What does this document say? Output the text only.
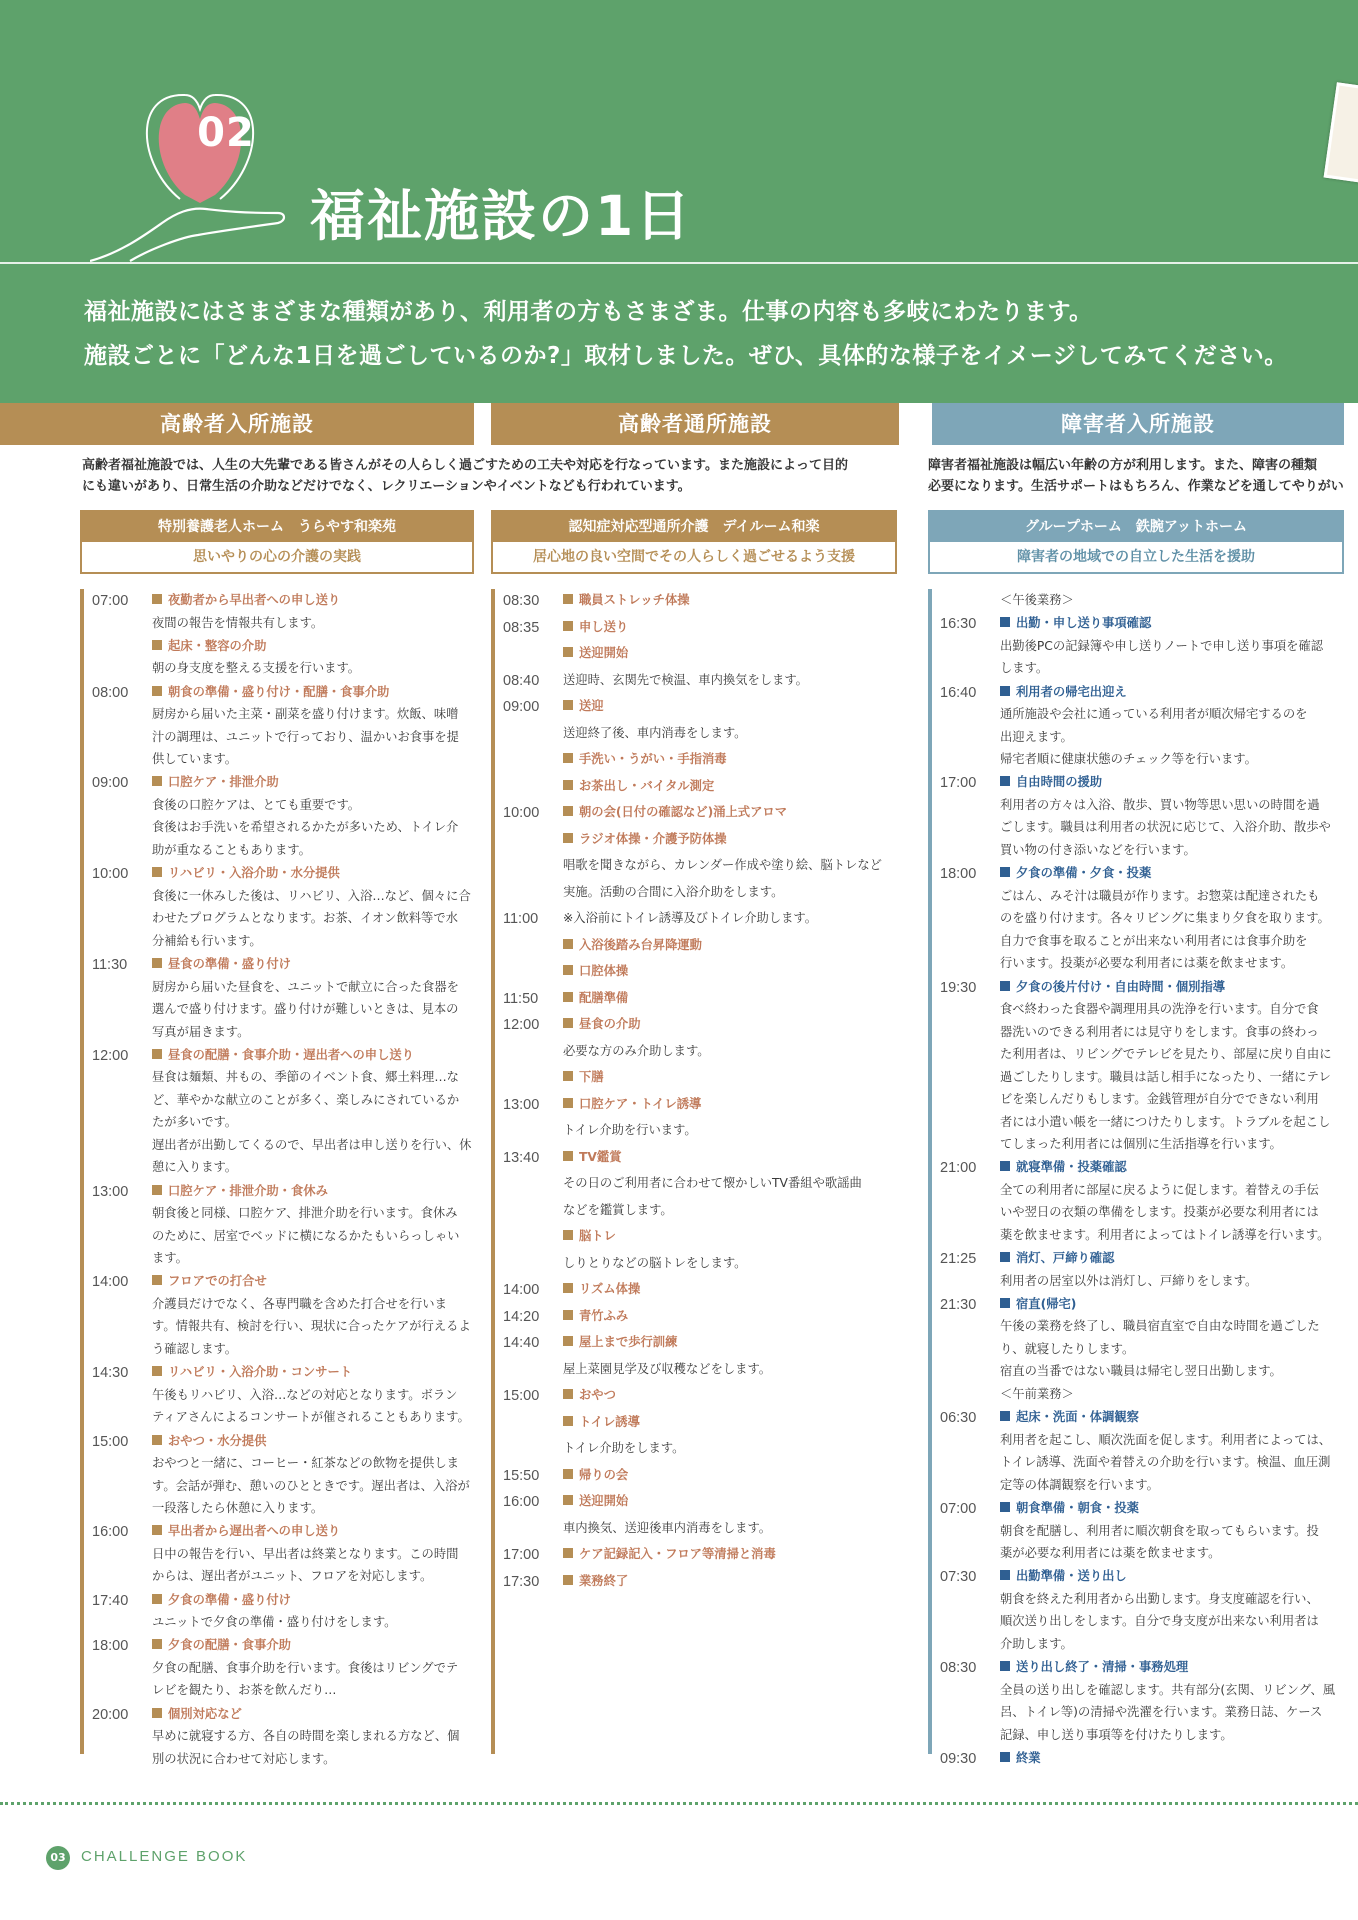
02
福祉施設の1日
福祉施設にはさまざまな種類があり、利用者の方もさまざま。仕事の内容も多岐にわたります。
施設ごとに「どんな1日を過ごしているのか?」取材しました。ぜひ、具体的な様子をイメージしてみてください。
高齢者入所施設	高齢者通所施設	障害者入所施設
高齢者福祉施設では、人生の大先輩である皆さんがその人らしく過ごすための工夫や対応を行なっています。また施設によって目的
にも違いがあり、日常生活の介助などだけでなく、レクリエーションやイベントなども行われています。
障害者福祉施設は幅広い年齢の方が利用します。また、障害の種類
必要になります。生活サポートはもちろん、作業などを通してやりがい
特別養護老人ホーム　うらやす和楽苑
思いやりの心の介護の実践
認知症対応型通所介護　デイルーム和楽
居心地の良い空間でその人らしく過ごせるよう支援
グループホーム　鉄腕アットホーム
障害者の地域での自立した生活を援助
07:00	夜勤者から早出者への申し送り
夜間の報告を情報共有します。
起床・整容の介助
朝の身支度を整える支援を行います。
08:00	朝食の準備・盛り付け・配膳・食事介助
厨房から届いた主菜・副菜を盛り付けます。炊飯、味噌
汁の調理は、ユニットで行っており、温かいお食事を提
供しています。
09:00	口腔ケア・排泄介助
食後の口腔ケアは、とても重要です。
食後はお手洗いを希望されるかたが多いため、トイレ介
助が重なることもあります。
10:00	リハビリ・入浴介助・水分提供
食後に一休みした後は、リハビリ、入浴…など、個々に合
わせたプログラムとなります。お茶、イオン飲料等で水
分補給も行います。
11:30	昼食の準備・盛り付け
厨房から届いた昼食を、ユニットで献立に合った食器を
選んで盛り付けます。盛り付けが難しいときは、見本の
写真が届きます。
12:00	昼食の配膳・食事介助・遅出者への申し送り
昼食は麺類、丼もの、季節のイベント食、郷土料理…な
ど、華やかな献立のことが多く、楽しみにされているか
たが多いです。
遅出者が出勤してくるので、早出者は申し送りを行い、休
憩に入ります。
13:00	口腔ケア・排泄介助・食休み
朝食後と同様、口腔ケア、排泄介助を行います。食休み
のために、居室でベッドに横になるかたもいらっしゃい
ます。
14:00	フロアでの打合せ
介護員だけでなく、各専門職を含めた打合せを行いま
す。情報共有、検討を行い、現状に合ったケアが行えるよ
う確認します。
14:30	リハビリ・入浴介助・コンサート
午後もリハビリ、入浴…などの対応となります。ボラン
ティアさんによるコンサートが催されることもあります。
15:00	おやつ・水分提供
おやつと一緒に、コーヒー・紅茶などの飲物を提供しま
す。会話が弾む、憩いのひとときです。遅出者は、入浴が
一段落したら休憩に入ります。
16:00	早出者から遅出者への申し送り
日中の報告を行い、早出者は終業となります。この時間
からは、遅出者がユニット、フロアを対応します。
17:40	夕食の準備・盛り付け
ユニットで夕食の準備・盛り付けをします。
18:00	夕食の配膳・食事介助
夕食の配膳、食事介助を行います。食後はリビングでテ
レビを観たり、お茶を飲んだり…
20:00	個別対応など
早めに就寝する方、各自の時間を楽しまれる方など、個
別の状況に合わせて対応します。
08:30	職員ストレッチ体操
08:35	申し送り
送迎開始
08:40 送迎時、玄関先で検温、車内換気をします。
09:00	送迎
送迎終了後、車内消毒をします。
手洗い・うがい・手指消毒
お茶出し・バイタル測定
10:00	朝の会(日付の確認など)涌上式アロマ
ラジオ体操・介護予防体操
唱歌を聞きながら、カレンダー作成や塗り絵、脳トレなど
実施。活動の合間に入浴介助をします。
11:00 ※入浴前にトイレ誘導及びトイレ介助します。
入浴後踏み台昇降運動
口腔体操
11:50	配膳準備
12:00	昼食の介助
必要な方のみ介助します。
下膳
13:00	口腔ケア・トイレ誘導
トイレ介助を行います。
13:40	TV鑑賞
その日のご利用者に合わせて懐かしいTV番組や歌謡曲
などを鑑賞します。
脳トレ
しりとりなどの脳トレをします。
14:00	リズム体操
14:20	青竹ふみ
14:40	屋上まで歩行訓練
屋上菜園見学及び収穫などをします。
15:00	おやつ
トイレ誘導
トイレ介助をします。
15:50	帰りの会
16:00	送迎開始
車内換気、送迎後車内消毒をします。
17:00	ケア記録記入・フロア等清掃と消毒
17:30	業務終了
＜午後業務＞
16:30	出勤・申し送り事項確認
出勤後PCの記録簿や申し送りノートで申し送り事項を確認
します。
16:40	利用者の帰宅出迎え
通所施設や会社に通っている利用者が順次帰宅するのを
出迎えます。
帰宅者順に健康状態のチェック等を行います。
17:00	自由時間の援助
利用者の方々は入浴、散歩、買い物等思い思いの時間を過
ごします。職員は利用者の状況に応じて、入浴介助、散歩や
買い物の付き添いなどを行います。
18:00	夕食の準備・夕食・投薬
ごはん、みそ汁は職員が作ります。お惣菜は配達されたも
のを盛り付けます。各々リビングに集まり夕食を取ります。
自力で食事を取ることが出来ない利用者には食事介助を
行います。投薬が必要な利用者には薬を飲ませます。
19:30	夕食の後片付け・自由時間・個別指導
食べ終わった食器や調理用具の洗浄を行います。自分で食
器洗いのできる利用者には見守りをします。食事の終わっ
た利用者は、リビングでテレビを見たり、部屋に戻り自由に
過ごしたりします。職員は話し相手になったり、一緒にテレ
ビを楽しんだりもします。金銭管理が自分でできない利用
者には小遣い帳を一緒につけたりします。トラブルを起こし
てしまった利用者には個別に生活指導を行います。
21:00	就寝準備・投薬確認
全ての利用者に部屋に戻るように促します。着替えの手伝
いや翌日の衣類の準備をします。投薬が必要な利用者には
薬を飲ませます。利用者によってはトイレ誘導を行います。
21:25	消灯、戸締り確認
利用者の居室以外は消灯し、戸締りをします。
21:30	宿直(帰宅)
午後の業務を終了し、職員宿直室で自由な時間を過ごした
り、就寝したりします。
宿直の当番ではない職員は帰宅し翌日出勤します。
＜午前業務＞
06:30	起床・洗面・体調観察
利用者を起こし、順次洗面を促します。利用者によっては、
トイレ誘導、洗面や着替えの介助を行います。検温、血圧測
定等の体調観察を行います。
07:00	朝食準備・朝食・投薬
朝食を配膳し、利用者に順次朝食を取ってもらいます。投
薬が必要な利用者には薬を飲ませます。
07:30	出勤準備・送り出し
朝食を終えた利用者から出勤します。身支度確認を行い、
順次送り出しをします。自分で身支度が出来ない利用者は
介助します。
08:30	送り出し終了・清掃・事務処理
全員の送り出しを確認します。共有部分(玄関、リビング、風
呂、トイレ等)の清掃や洗濯を行います。業務日誌、ケース
記録、申し送り事項等を付けたりします。
09:30	終業
03 CHALLENGE BOOK
